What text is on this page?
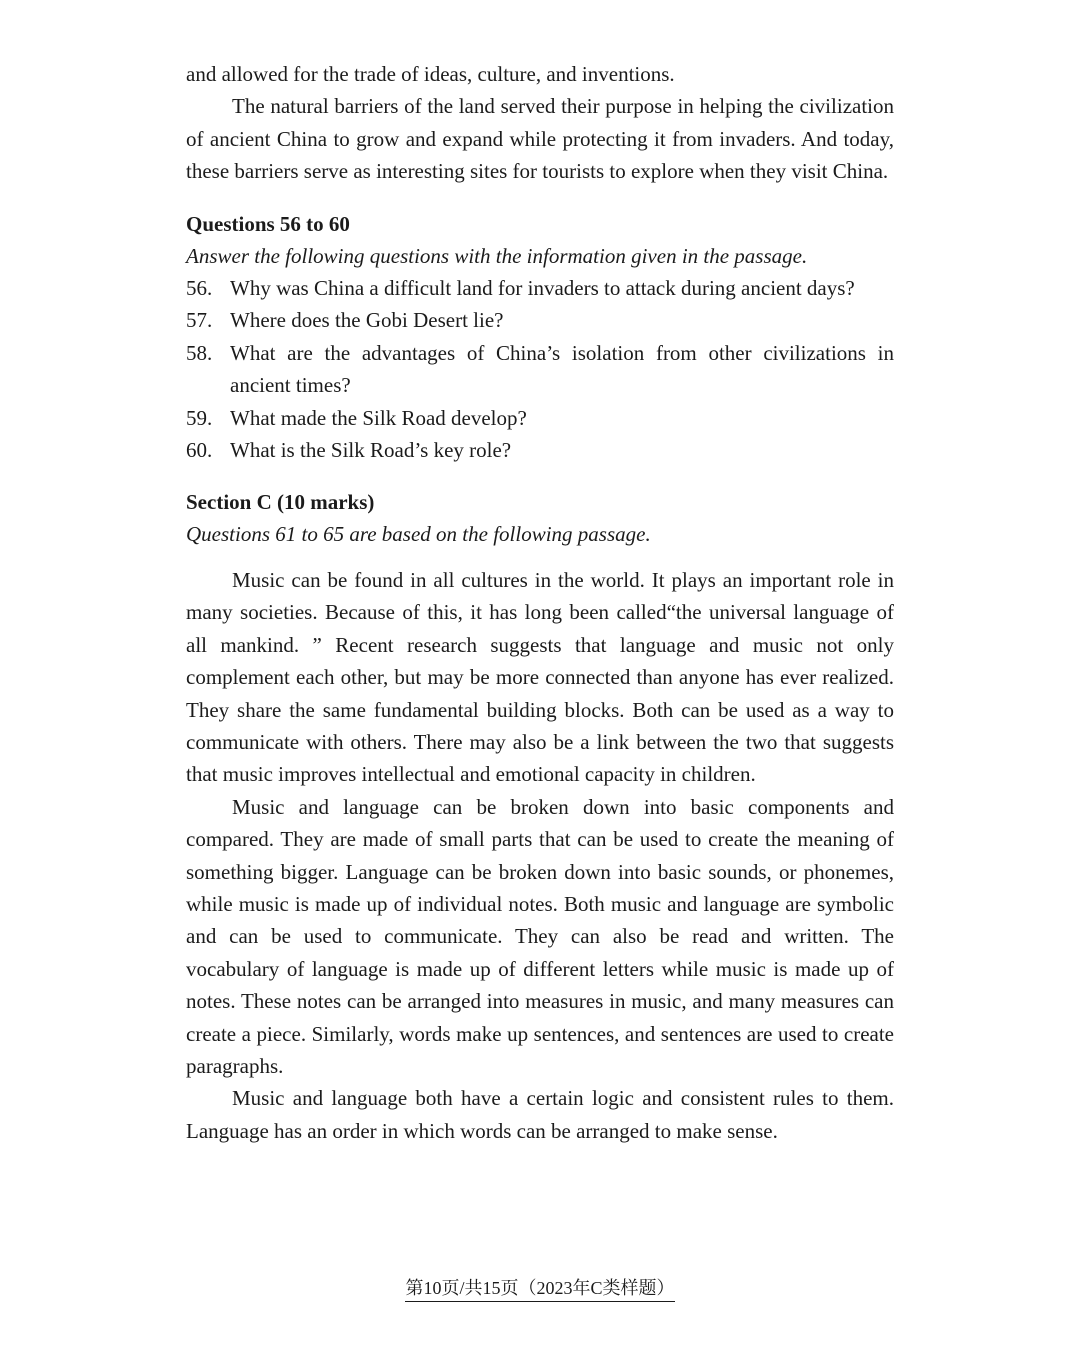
and allowed for the trade of ideas, culture, and inventions.

The natural barriers of the land served their purpose in helping the civilization of ancient China to grow and expand while protecting it from invaders. And today, these barriers serve as interesting sites for tourists to explore when they visit China.

Questions 56 to 60

Answer the following questions with the information given in the passage.

56. Why was China a difficult land for invaders to attack during ancient days?
57. Where does the Gobi Desert lie?
58. What are the advantages of China’s isolation from other civilizations in ancient times?
59. What made the Silk Road develop?
60. What is the Silk Road’s key role?

Section C (10 marks)

Questions 61 to 65 are based on the following passage.

Music can be found in all cultures in the world. It plays an important role in many societies. Because of this, it has long been called“the universal language of all mankind. ” Recent research suggests that language and music not only complement each other, but may be more connected than anyone has ever realized. They share the same fundamental building blocks. Both can be used as a way to communicate with others. There may also be a link between the two that suggests that music improves intellectual and emotional capacity in children.

Music and language can be broken down into basic components and compared. They are made of small parts that can be used to create the meaning of something bigger. Language can be broken down into basic sounds, or phonemes, while music is made up of individual notes. Both music and language are symbolic and can be used to communicate. They can also be read and written. The vocabulary of language is made up of different letters while music is made up of notes. These notes can be arranged into measures in music, and many measures can create a piece. Similarly, words make up sentences, and sentences are used to create paragraphs.

Music and language both have a certain logic and consistent rules to them. Language has an order in which words can be arranged to make sense.

第10页/共15页（2023年C类样题）
